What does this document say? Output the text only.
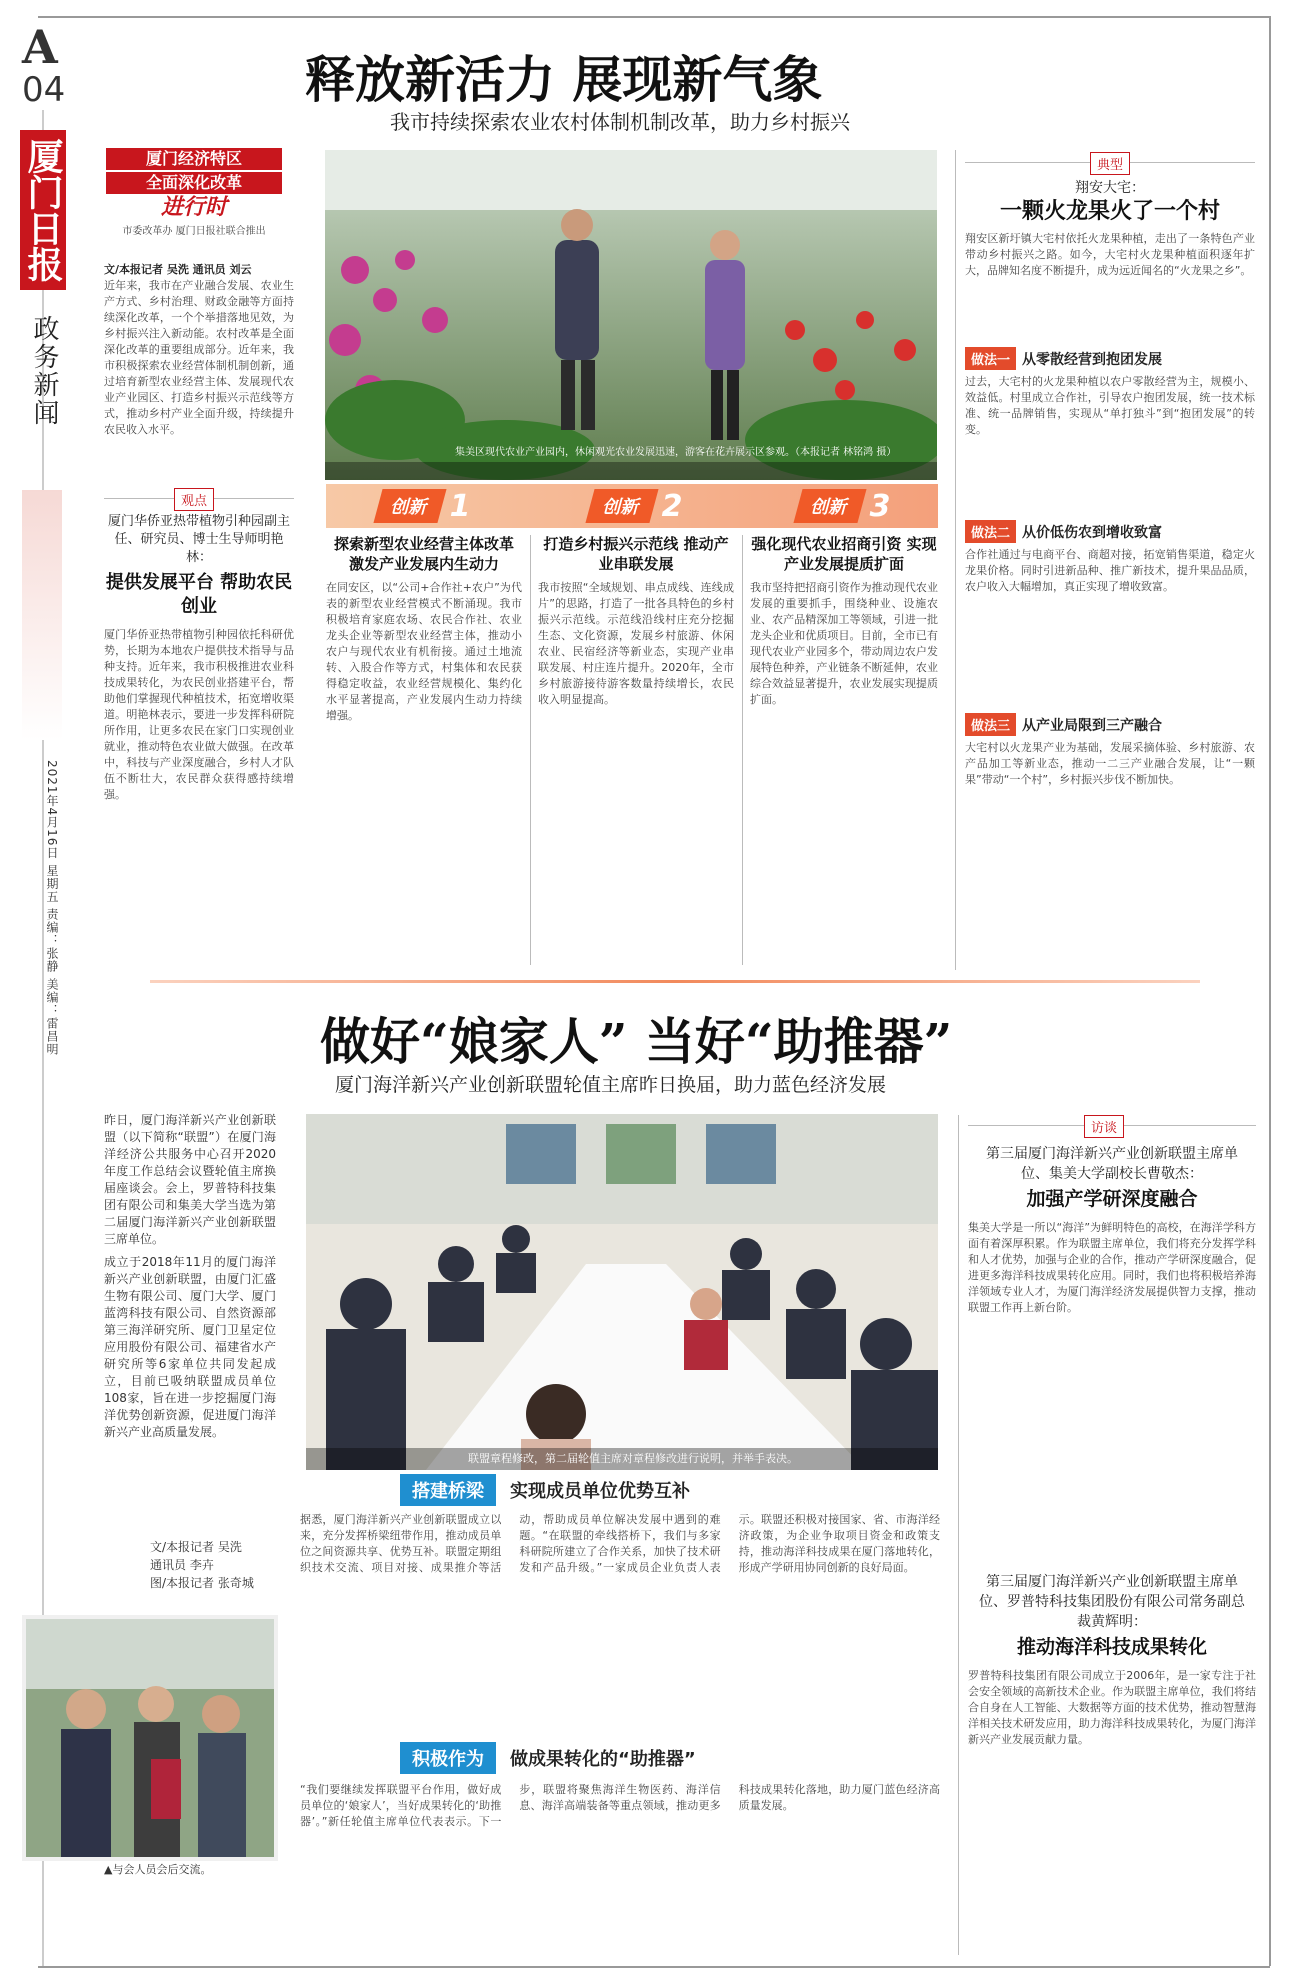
A
04
厦门日报
政务新闻
2021年4月16日 星期五 责编：张静 美编：雷昌明
释放新活力 展现新气象
我市持续探索农业农村体制机制改革，助力乡村振兴
厦门经济特区
全面深化改革
进行时
市委改革办 厦门日报社联合推出
文/本报记者 吴洗 通讯员 刘云
近年来，我市在产业融合发展、农业生产方式、乡村治理、财政金融等方面持续深化改革，一个个举措落地见效，为乡村振兴注入新动能。农村改革是全面深化改革的重要组成部分。近年来，我市积极探索农业经营体制机制创新，通过培育新型农业经营主体、发展现代农业产业园区、打造乡村振兴示范线等方式，推动乡村产业全面升级，持续提升农民收入水平。
集美区现代农业产业园内，休闲观光农业发展迅速，游客在花卉展示区参观。（本报记者 林铭鸿 摄）
观点
厦门华侨亚热带植物引种园副主任、研究员、博士生导师明艳林：
提供发展平台 帮助农民创业
厦门华侨亚热带植物引种园依托科研优势，长期为本地农户提供技术指导与品种支持。近年来，我市积极推进农业科技成果转化，为农民创业搭建平台，帮助他们掌握现代种植技术，拓宽增收渠道。明艳林表示，要进一步发挥科研院所作用，让更多农民在家门口实现创业就业，推动特色农业做大做强。在改革中，科技与产业深度融合，乡村人才队伍不断壮大，农民群众获得感持续增强。
创新 1
探索新型农业经营主体改革 激发产业发展内生动力
在同安区，以“公司+合作社+农户”为代表的新型农业经营模式不断涌现。我市积极培育家庭农场、农民合作社、农业龙头企业等新型农业经营主体，推动小农户与现代农业有机衔接。通过土地流转、入股合作等方式，村集体和农民获得稳定收益，农业经营规模化、集约化水平显著提高，产业发展内生动力持续增强。
创新 2
打造乡村振兴示范线 推动产业串联发展
我市按照“全域规划、串点成线、连线成片”的思路，打造了一批各具特色的乡村振兴示范线。示范线沿线村庄充分挖掘生态、文化资源，发展乡村旅游、休闲农业、民宿经济等新业态，实现产业串联发展、村庄连片提升。2020年，全市乡村旅游接待游客数量持续增长，农民收入明显提高。
创新 3
强化现代农业招商引资 实现产业发展提质扩面
我市坚持把招商引资作为推动现代农业发展的重要抓手，围绕种业、设施农业、农产品精深加工等领域，引进一批龙头企业和优质项目。目前，全市已有现代农业产业园多个，带动周边农户发展特色种养，产业链条不断延伸，农业综合效益显著提升，农业发展实现提质扩面。
典型
翔安大宅：
一颗火龙果火了一个村
翔安区新圩镇大宅村依托火龙果种植，走出了一条特色产业带动乡村振兴之路。如今，大宅村火龙果种植面积逐年扩大，品牌知名度不断提升，成为远近闻名的“火龙果之乡”。
做法一 从零散经营到抱团发展
过去，大宅村的火龙果种植以农户零散经营为主，规模小、效益低。村里成立合作社，引导农户抱团发展，统一技术标准、统一品牌销售，实现从“单打独斗”到“抱团发展”的转变。
做法二 从价低伤农到增收致富
合作社通过与电商平台、商超对接，拓宽销售渠道，稳定火龙果价格。同时引进新品种、推广新技术，提升果品品质，农户收入大幅增加，真正实现了增收致富。
做法三 从产业局限到三产融合
大宅村以火龙果产业为基础，发展采摘体验、乡村旅游、农产品加工等新业态，推动一二三产业融合发展，让“一颗果”带动“一个村”，乡村振兴步伐不断加快。
做好“娘家人” 当好“助推器”
厦门海洋新兴产业创新联盟轮值主席昨日换届，助力蓝色经济发展
昨日，厦门海洋新兴产业创新联盟（以下简称“联盟”）在厦门海洋经济公共服务中心召开2020年度工作总结会议暨轮值主席换届座谈会。会上，罗普特科技集团有限公司和集美大学当选为第二届厦门海洋新兴产业创新联盟三席单位。
成立于2018年11月的厦门海洋新兴产业创新联盟，由厦门汇盛生物有限公司、厦门大学、厦门蓝湾科技有限公司、自然资源部第三海洋研究所、厦门卫星定位应用股份有限公司、福建省水产研究所等6家单位共同发起成立，目前已吸纳联盟成员单位108家，旨在进一步挖掘厦门海洋优势创新资源，促进厦门海洋新兴产业高质量发展。
文/本报记者 吴洗
通讯员 李卉
图/本报记者 张奇城
▲与会人员会后交流。
联盟章程修改，第二届轮值主席对章程修改进行说明，并举手表决。
搭建桥梁	实现成员单位优势互补
据悉，厦门海洋新兴产业创新联盟成立以来，充分发挥桥梁纽带作用，推动成员单位之间资源共享、优势互补。联盟定期组织技术交流、项目对接、成果推介等活动，帮助成员单位解决发展中遇到的难题。“在联盟的牵线搭桥下，我们与多家科研院所建立了合作关系，加快了技术研发和产品升级。”一家成员企业负责人表示。联盟还积极对接国家、省、市海洋经济政策，为企业争取项目资金和政策支持，推动海洋科技成果在厦门落地转化，形成产学研用协同创新的良好局面。
积极作为	做成果转化的“助推器”
“我们要继续发挥联盟平台作用，做好成员单位的‘娘家人’，当好成果转化的‘助推器’。”新任轮值主席单位代表表示。下一步，联盟将聚焦海洋生物医药、海洋信息、海洋高端装备等重点领域，推动更多科技成果转化落地，助力厦门蓝色经济高质量发展。
访谈
第三届厦门海洋新兴产业创新联盟主席单位、集美大学副校长曹敬杰：
加强产学研深度融合
集美大学是一所以“海洋”为鲜明特色的高校，在海洋学科方面有着深厚积累。作为联盟主席单位，我们将充分发挥学科和人才优势，加强与企业的合作，推动产学研深度融合，促进更多海洋科技成果转化应用。同时，我们也将积极培养海洋领域专业人才，为厦门海洋经济发展提供智力支撑，推动联盟工作再上新台阶。
第三届厦门海洋新兴产业创新联盟主席单位、罗普特科技集团股份有限公司常务副总裁黄辉明：
推动海洋科技成果转化
罗普特科技集团有限公司成立于2006年，是一家专注于社会安全领域的高新技术企业。作为联盟主席单位，我们将结合自身在人工智能、大数据等方面的技术优势，推动智慧海洋相关技术研发应用，助力海洋科技成果转化，为厦门海洋新兴产业发展贡献力量。
